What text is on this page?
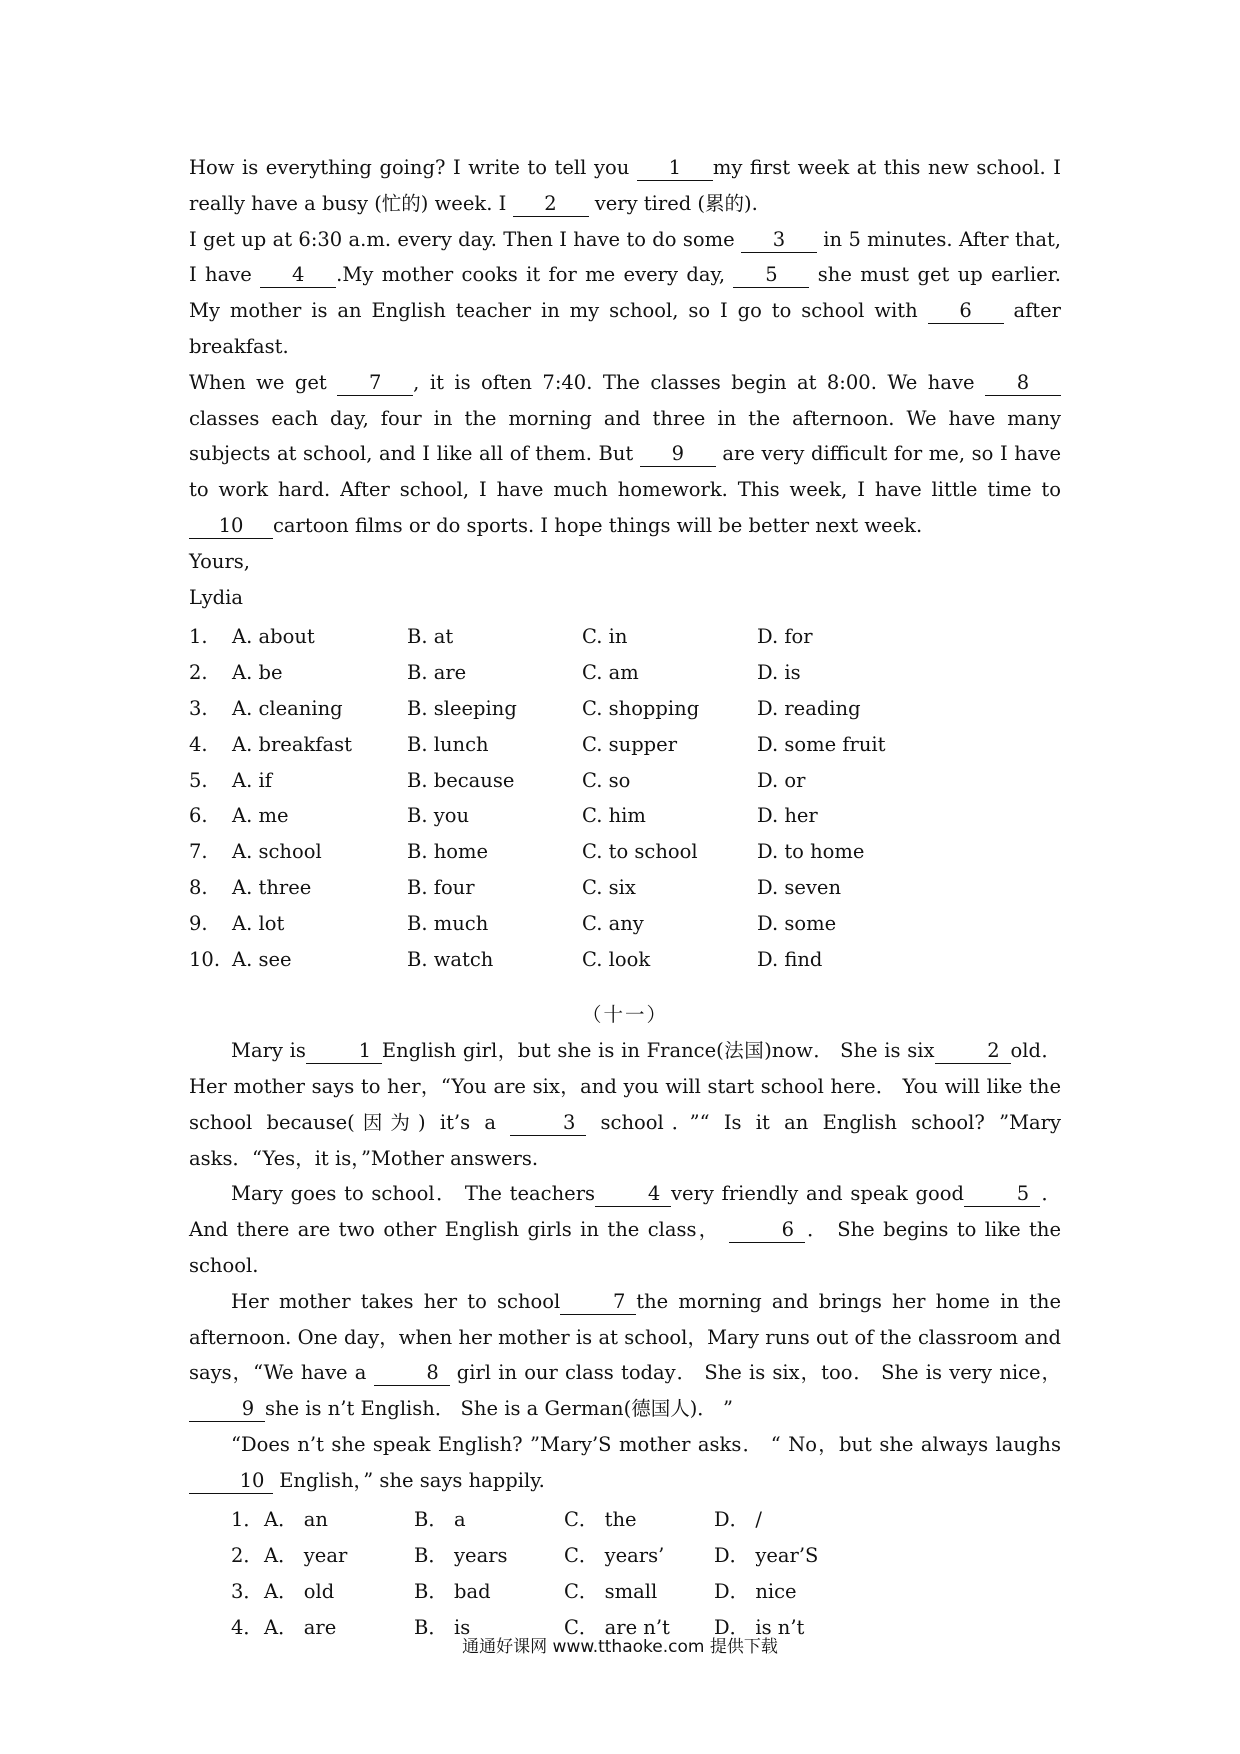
How is everything going? I write to tell you 1 my first week at this new school. I really have a busy (忙的) week. I 2 very tired (累的).
I get up at 6:30 a.m. every day. Then I have to do some 3 in 5 minutes. After that, I have 4 .My mother cooks it for me every day, 5 she must get up earlier. My mother is an English teacher in my school, so I go to school with 6 after breakfast.
When we get 7 , it is often 7:40. The classes begin at 8:00. We have 8 classes each day, four in the morning and three in the afternoon. We have many subjects at school, and I like all of them. But 9 are very difficult for me, so I have to work hard. After school, I have much homework. This week, I have little time to 10 cartoon films or do sports. I hope things will be better next week.
Yours,
Lydia
1.	A. about	B. at	C. in	D. for
2.	A. be	B. are	C. am	D. is
3.	A. cleaning	B. sleeping	C. shopping	D. reading
4.	A. breakfast	B. lunch	C. supper	D. some fruit
5.	A. if	B. because	C. so	D. or
6.	A. me	B. you	C. him	D. her
7.	A. school	B. home	C. to school	D. to home
8.	A. three	B. four	C. six	D. seven
9.	A. lot	B. much	C. any	D. some
10. A. see	B. watch	C. look	D. find
（十一）
Mary is	1 English girl，but she is in France(法国)now． She is six	2 old． Her mother says to her，“You are six，and you will start school here． You will like the school because(因为) it’s a	3 school．”“ Is it an English school? ”Mary asks．“Yes，it is，”Mother answers.
Mary goes to school． The teachers	4 very friendly and speak good	5 ． And there are two other English girls in the class，	6 ． She begins to like the school.
Her mother takes her to school	7 the morning and brings her home in the afternoon. One day，when her mother is at school，Mary runs out of the classroom and says，“We have a	8 girl in our class today． She is six，too． She is very nice， 9 she is n’t English． She is a German(德国人)． ”
“Does n’t she speak English? ”Mary’S mother asks． “ No，but she always laughs10 English，” she says happily.
1． A． an	B． a	C． the	D． /
2． A． year	B． years	C． years’	D． year’S
3． A． old	B． bad	C． small	D． nice
4． A． are	B． is	C． are n’t	D． is n’t
通通好课网 www.tthaoke.com 提供下载
